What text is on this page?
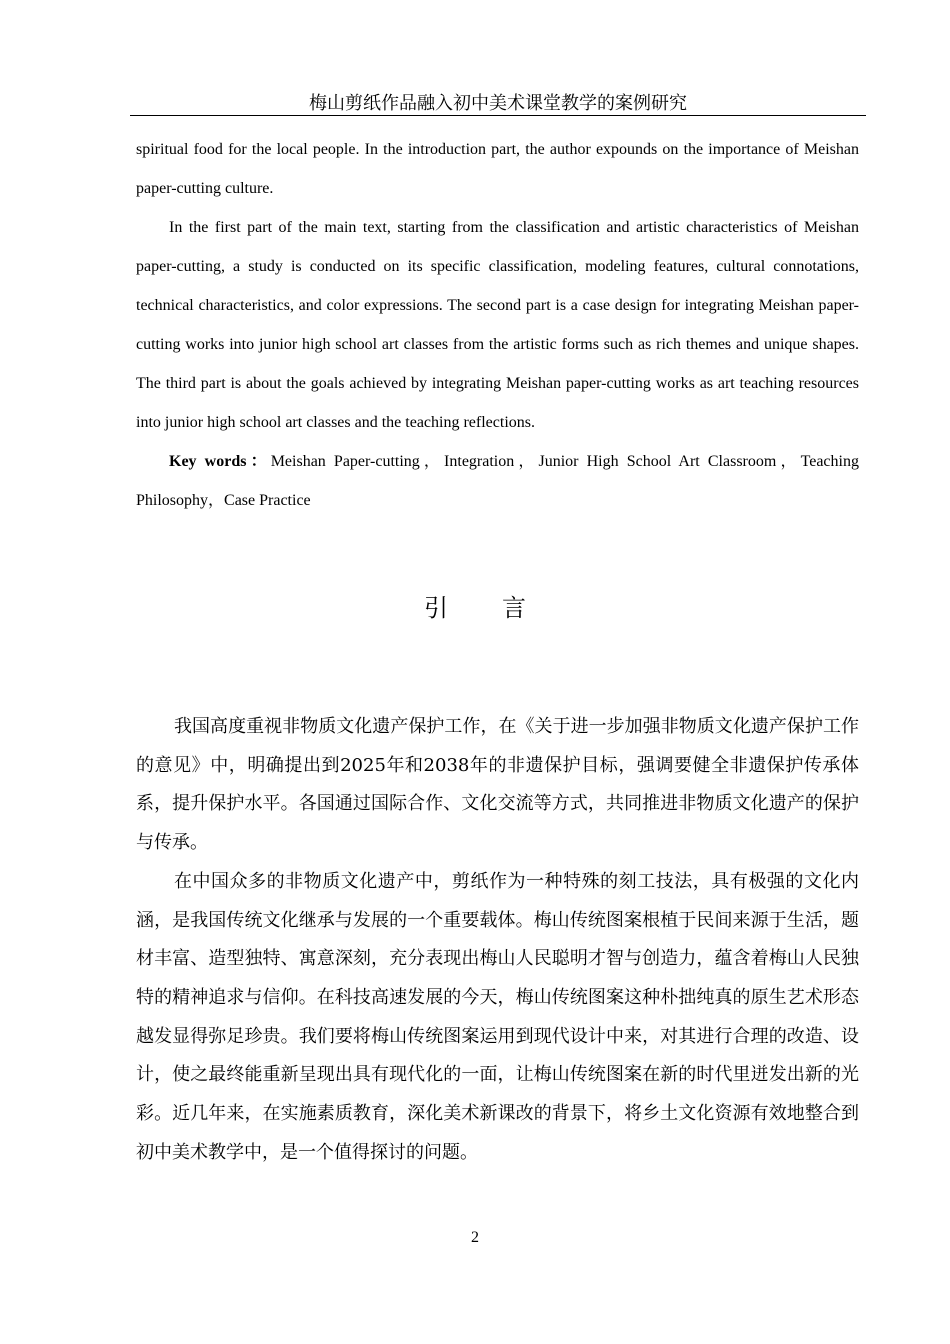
梅山剪纸作品融入初中美术课堂教学的案例研究

spiritual food for the local people. In the introduction part, the author expounds on the importance of Meishan paper-cutting culture.

In the first part of the main text, starting from the classification and artistic characteristics of Meishan paper-cutting, a study is conducted on its specific classification, modeling features, cultural connotations, technical characteristics, and color expressions. The second part is a case design for integrating Meishan paper-cutting works into junior high school art classes from the artistic forms such as rich themes and unique shapes. The third part is about the goals achieved by integrating Meishan paper-cutting works as art teaching resources into junior high school art classes and the teaching reflections.

Key words：Meishan Paper-cutting，Integration，Junior High School Art Classroom，Teaching Philosophy，Case Practice

引 言

我国高度重视非物质文化遗产保护工作，在《关于进一步加强非物质文化遗产保护工作的意见》中，明确提出到2025年和2038年的非遗保护目标，强调要健全非遗保护传承体系，提升保护水平。各国通过国际合作、文化交流等方式，共同推进非物质文化遗产的保护与传承。

在中国众多的非物质文化遗产中，剪纸作为一种特殊的刻工技法，具有极强的文化内涵，是我国传统文化继承与发展的一个重要载体。梅山传统图案根植于民间来源于生活，题材丰富、造型独特、寓意深刻，充分表现出梅山人民聪明才智与创造力，蕴含着梅山人民独特的精神追求与信仰。在科技高速发展的今天，梅山传统图案这种朴拙纯真的原生艺术形态越发显得弥足珍贵。我们要将梅山传统图案运用到现代设计中来，对其进行合理的改造、设计，使之最终能重新呈现出具有现代化的一面，让梅山传统图案在新的时代里迸发出新的光彩。近几年来，在实施素质教育，深化美术新课改的背景下，将乡土文化资源有效地整合到初中美术教学中，是一个值得探讨的问题。

2
